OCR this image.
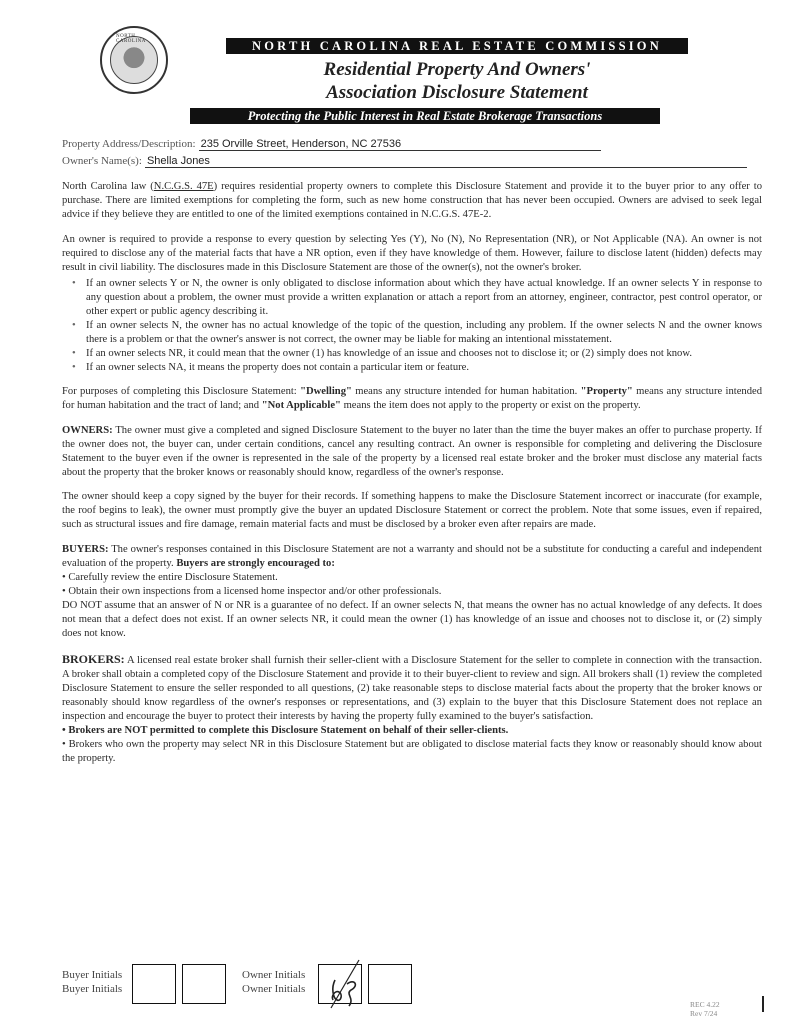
NORTH CAROLINA	NORTH CAROLINA REAL ESTATE COMMISSION
Residential Property And Owners'
Association Disclosure Statement
Protecting the Public Interest in Real Estate Brokerage Transactions
Property Address/Description: 235 Orville Street, Henderson, NC 27536
Owner's Name(s): Shella Jones

North Carolina law (N.C.G.S. 47E) requires residential property owners to complete this Disclosure Statement and provide it to the buyer prior to any offer to purchase. There are limited exemptions for completing the form, such as new home construction that has never been occupied. Owners are advised to seek legal advice if they believe they are entitled to one of the limited exemptions contained in N.C.G.S. 47E-2.

An owner is required to provide a response to every question by selecting Yes (Y), No (N), No Representation (NR), or Not Applicable (NA). An owner is not required to disclose any of the material facts that have a NR option, even if they have knowledge of them. However, failure to disclose latent (hidden) defects may result in civil liability. The disclosures made in this Disclosure Statement are those of the owner(s), not the owner's broker.

• If an owner selects Y or N, the owner is only obligated to disclose information about which they have actual knowledge. If an owner selects Y in response to any question about a problem, the owner must provide a written explanation or attach a report from an attorney, engineer, contractor, pest control operator, or other expert or public agency describing it.
• If an owner selects N, the owner has no actual knowledge of the topic of the question, including any problem. If the owner selects N and the owner knows there is a problem or that the owner's answer is not correct, the owner may be liable for making an intentional misstatement.
• If an owner selects NR, it could mean that the owner (1) has knowledge of an issue and chooses not to disclose it; or (2) simply does not know.
• If an owner selects NA, it means the property does not contain a particular item or feature.

For purposes of completing this Disclosure Statement: "Dwelling" means any structure intended for human habitation. "Property" means any structure intended for human habitation and the tract of land; and "Not Applicable" means the item does not apply to the property or exist on the property.

OWNERS: The owner must give a completed and signed Disclosure Statement to the buyer no later than the time the buyer makes an offer to purchase property. If the owner does not, the buyer can, under certain conditions, cancel any resulting contract. An owner is responsible for completing and delivering the Disclosure Statement to the buyer even if the owner is represented in the sale of the property by a licensed real estate broker and the broker must disclose any material facts about the property that the broker knows or reasonably should know, regardless of the owner's response.

The owner should keep a copy signed by the buyer for their records. If something happens to make the Disclosure Statement incorrect or inaccurate (for example, the roof begins to leak), the owner must promptly give the buyer an updated Disclosure Statement or correct the problem. Note that some issues, even if repaired, such as structural issues and fire damage, remain material facts and must be disclosed by a broker even after repairs are made.

BUYERS: The owner's responses contained in this Disclosure Statement are not a warranty and should not be a substitute for conducting a careful and independent evaluation of the property. Buyers are strongly encouraged to:

• Carefully review the entire Disclosure Statement.

• Obtain their own inspections from a licensed home inspector and/or other professionals.

DO NOT assume that an answer of N or NR is a guarantee of no defect. If an owner selects N, that means the owner has no actual knowledge of any defects. It does not mean that a defect does not exist. If an owner selects NR, it could mean the owner (1) has knowledge of an issue and chooses not to disclose it, or (2) simply does not know.

BROKERS: A licensed real estate broker shall furnish their seller-client with a Disclosure Statement for the seller to complete in connection with the transaction. A broker shall obtain a completed copy of the Disclosure Statement and provide it to their buyer-client to review and sign. All brokers shall (1) review the completed Disclosure Statement to ensure the seller responded to all questions, (2) take reasonable steps to disclose material facts about the property that the broker knows or reasonably should know regardless of the owner's responses or representations, and (3) explain to the buyer that this Disclosure Statement does not replace an inspection and encourage the buyer to protect their interests by having the property fully examined to the buyer's satisfaction.

• Brokers are NOT permitted to complete this Disclosure Statement on behalf of their seller-clients.

• Brokers who own the property may select NR in this Disclosure Statement but are obligated to disclose material facts they know or reasonably should know about the property.

Buyer Initials
Buyer Initials
Owner Initials
Owner Initials
REC 4.22
Rev 7/24
